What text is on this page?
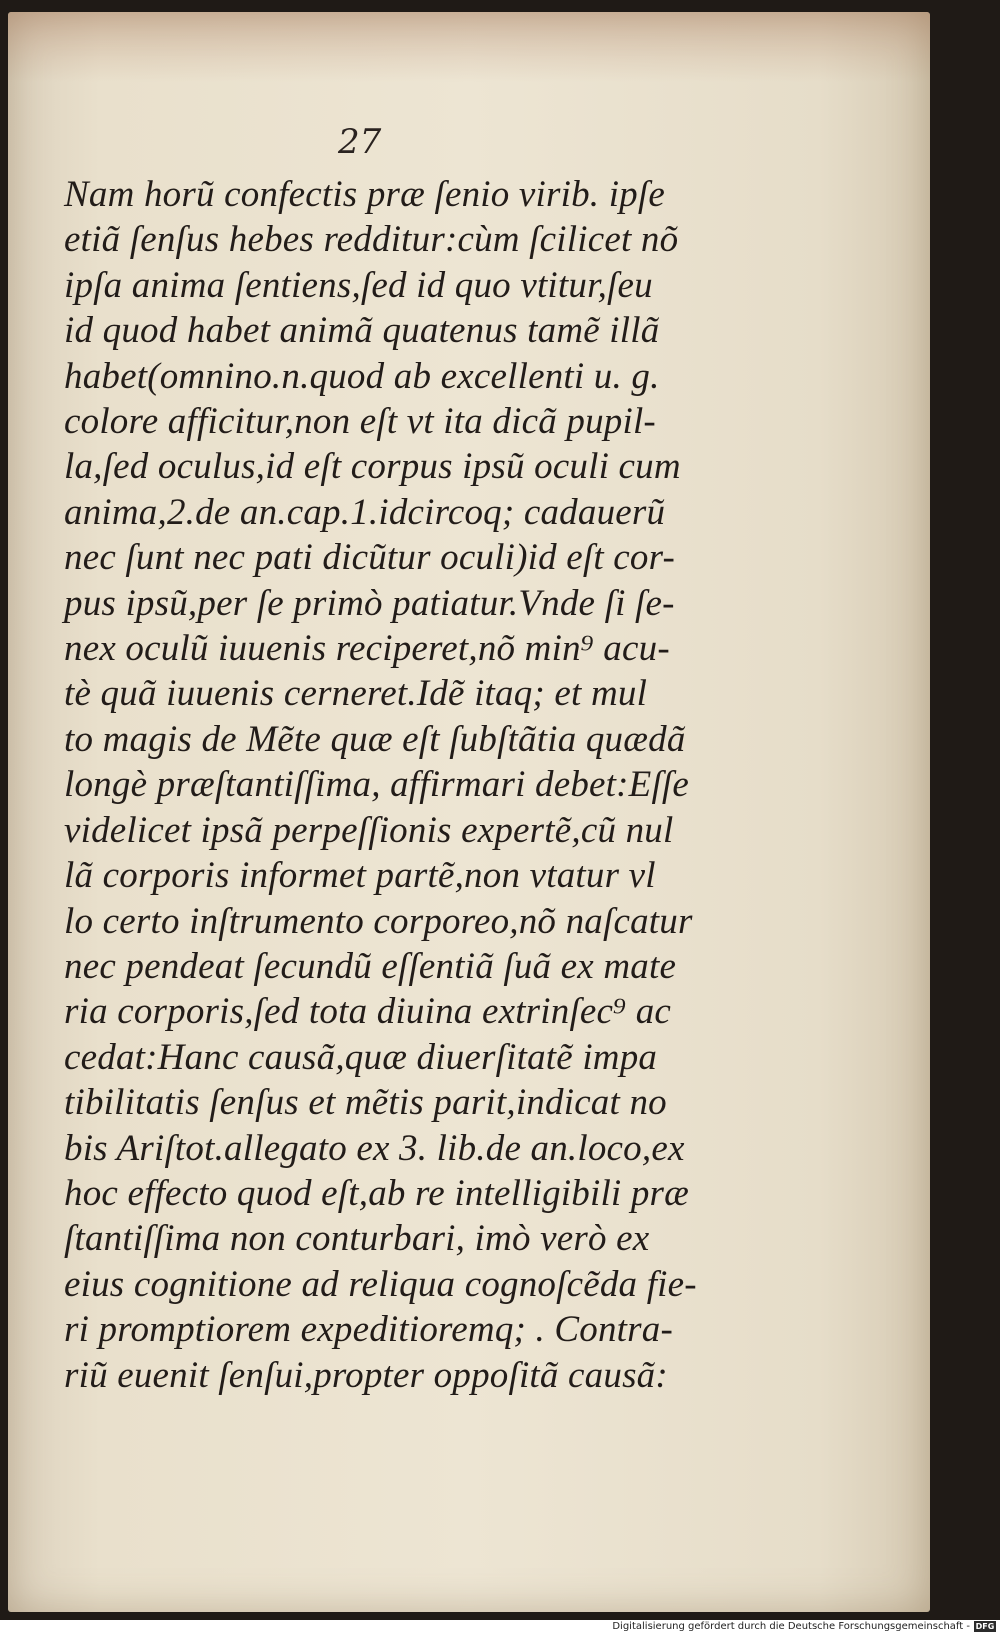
27
Nam horũ confectis præ ſenio virib. ipſe
etiã ſenſus hebes redditur:cùm ſcilicet nõ
ipſa anima ſentiens,ſed id quo vtitur,ſeu
id quod habet animã quatenus tamẽ illã
habet(omnino.n.quod ab excellenti u. g.
colore afficitur,non eſt vt ita dicã pupil-
la,ſed oculus,id eſt corpus ipsũ oculi cum
anima,2.de an.cap.1.idcircoq; cadauerũ
nec ſunt nec pati dicũtur oculi)id eſt cor-
pus ipsũ,per ſe primò patiatur.Vnde ſi ſe-
nex oculũ iuuenis reciperet,nõ min⁹ acu-
tè quã iuuenis cerneret.Idẽ itaq; et mul
to magis de Mẽte quæ eſt ſubſtãtia quædã
longè præſtantiſſima, affirmari debet:Eſſe
videlicet ipsã perpeſſionis expertẽ,cũ nul
lã corporis informet partẽ,non vtatur vl
lo certo inſtrumento corporeo,nõ naſcatur
nec pendeat ſecundũ eſſentiã ſuã ex mate
ria corporis,ſed tota diuina extrinſec⁹ ac
cedat:Hanc causã,quæ diuerſitatẽ impa
tibilitatis ſenſus et mẽtis parit,indicat no
bis Ariſtot.allegato ex 3. lib.de an.loco,ex
hoc effecto quod eſt,ab re intelligibili præ
ſtantiſſima non conturbari, imò verò ex
eius cognitione ad reliqua cognoſcẽda fie-
ri promptiorem expeditioremq; . Contra-
riũ euenit ſenſui,propter oppoſitã causã:
Digitalisierung gefördert durch die Deutsche Forschungsgemeinschaft - DFG
